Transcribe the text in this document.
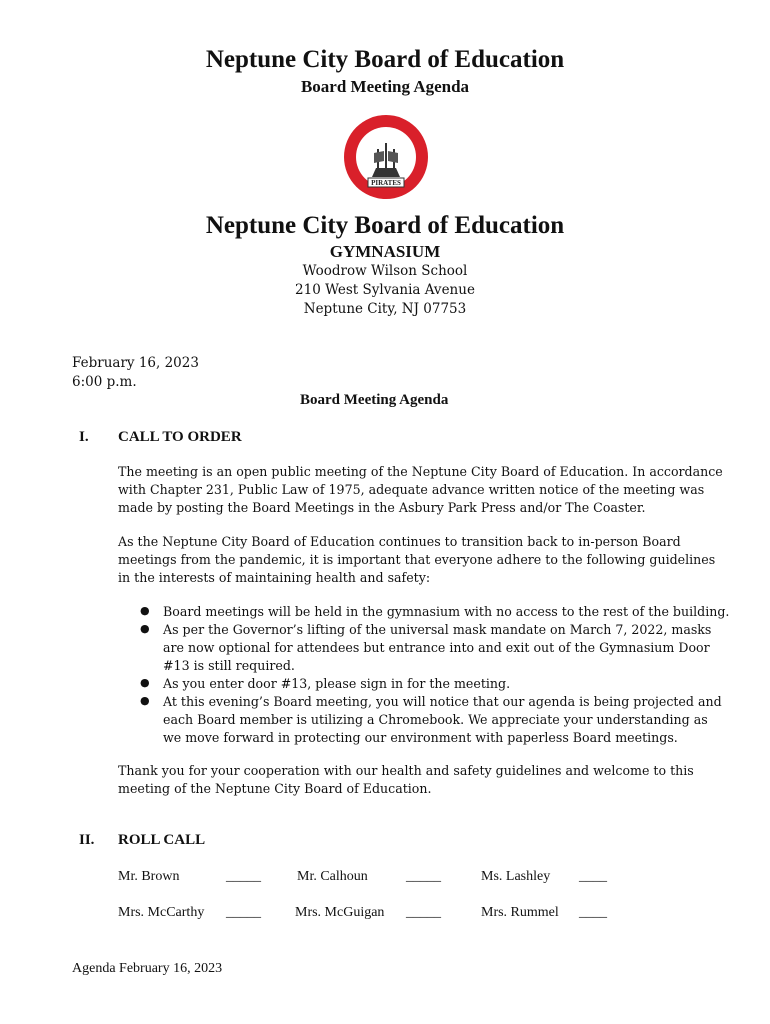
Neptune City Board of Education
Board Meeting Agenda
PIRATES
Neptune City Board of Education
GYMNASIUM
Woodrow Wilson School
210 West Sylvania Avenue
Neptune City, NJ 07753
February 16, 2023
6:00 p.m.
Board Meeting Agenda
I. CALL TO ORDER
The meeting is an open public meeting of the Neptune City Board of Education. In accordance
with Chapter 231, Public Law of 1975, adequate advance written notice of the meeting was
made by posting the Board Meetings in the Asbury Park Press and/or The Coaster.
As the Neptune City Board of Education continues to transition back to in-person Board
meetings from the pandemic, it is important that everyone adhere to the following guidelines
in the interests of maintaining health and safety:
● Board meetings will be held in the gymnasium with no access to the rest of the building.
● As per the Governor’s lifting of the universal mask mandate on March 7, 2022, masks
are now optional for attendees but entrance into and exit out of the Gymnasium Door
#13 is still required.
● As you enter door #13, please sign in for the meeting.
● At this evening’s Board meeting, you will notice that our agenda is being projected and
each Board member is utilizing a Chromebook. We appreciate your understanding as
we move forward in protecting our environment with paperless Board meetings.
Thank you for your cooperation with our health and safety guidelines and welcome to this
meeting of the Neptune City Board of Education.
II. ROLL CALL
Mr. Brown	_____	Mr. Calhoun	_____	Ms. Lashley ____
Mrs. McCarthy _____ Mrs. McGuigan _____	Mrs. Rummel ____
Agenda February 16, 2023
